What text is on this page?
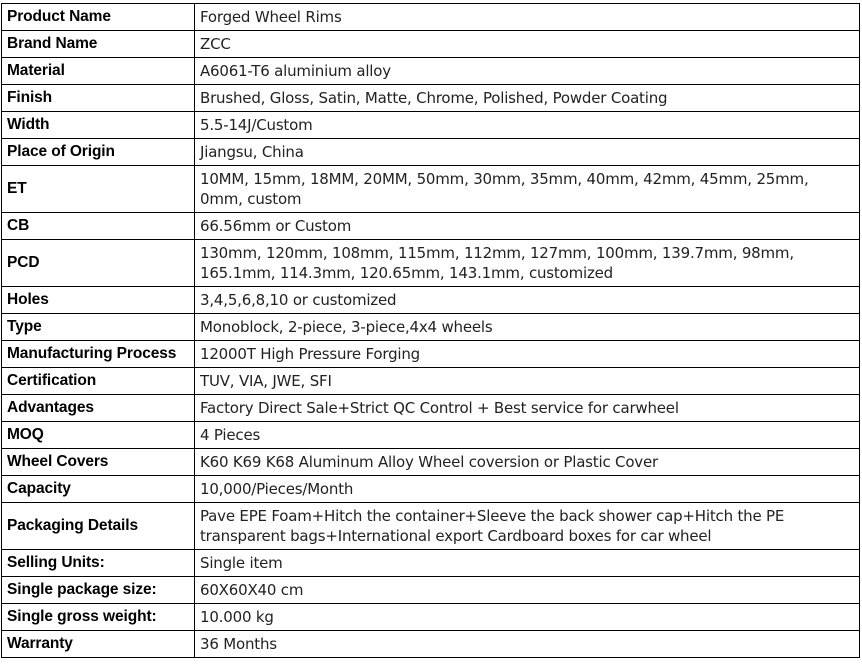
Product Name	Forged Wheel Rims
Brand Name	ZCC
Material	A6061-T6 aluminium alloy
Finish	Brushed, Gloss, Satin, Matte, Chrome, Polished, Powder Coating
Width	5.5-14J/Custom
Place of Origin	Jiangsu, China
ET	10MM, 15mm, 18MM, 20MM, 50mm, 30mm, 35mm, 40mm, 42mm, 45mm, 25mm, 0mm, custom
CB	66.56mm or Custom
PCD	130mm, 120mm, 108mm, 115mm, 112mm, 127mm, 100mm, 139.7mm, 98mm, 165.1mm, 114.3mm, 120.65mm, 143.1mm, customized
Holes	3,4,5,6,8,10 or customized
Type	Monoblock, 2-piece, 3-piece,4x4 wheels
Manufacturing Process	12000T High Pressure Forging
Certification	TUV, VIA, JWE, SFI
Advantages	Factory Direct Sale+Strict QC Control + Best service for carwheel
MOQ	4 Pieces
Wheel Covers	K60 K69 K68 Aluminum Alloy Wheel coversion or Plastic Cover
Capacity	10,000/Pieces/Month
Packaging Details	Pave EPE Foam+Hitch the container+Sleeve the back shower cap+Hitch the PE transparent bags+International export Cardboard boxes for car wheel
Selling Units:	Single item
Single package size:	60X60X40 cm
Single gross weight:	10.000 kg
Warranty	36 Months
